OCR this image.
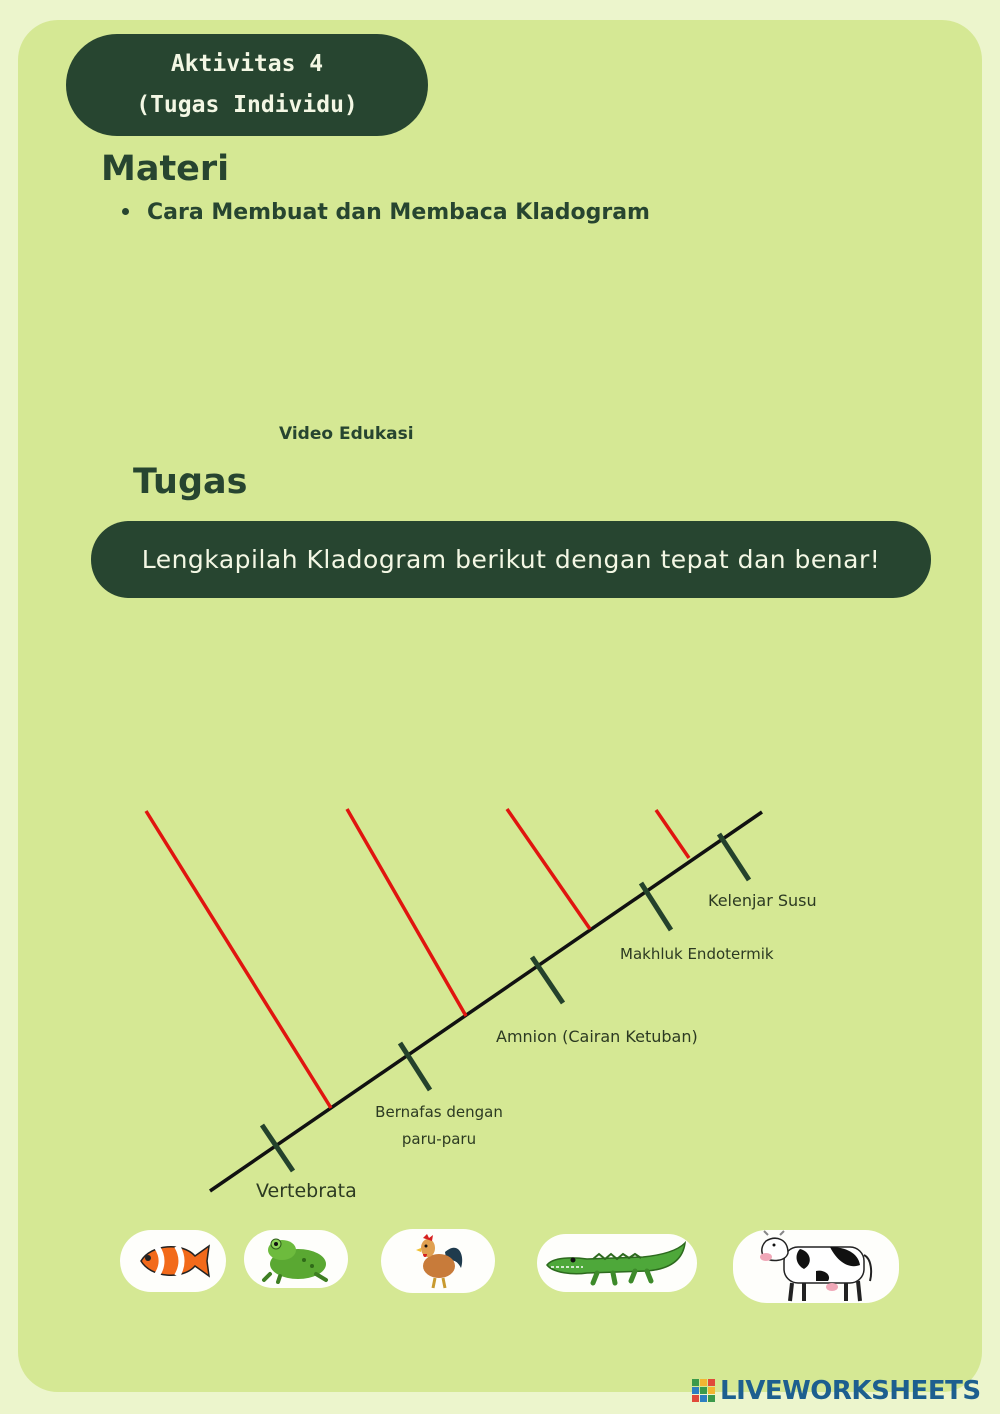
Aktivitas 4
(Tugas Individu)
Materi
Cara Membuat dan Membaca Kladogram
Video Edukasi
Tugas
Lengkapilah Kladogram berikut dengan tepat dan benar!
Vertebrata
Bernafas dengan
paru-paru
Amnion (Cairan Ketuban)
Makhluk Endotermik
Kelenjar Susu
LIVEWORKSHEETS
